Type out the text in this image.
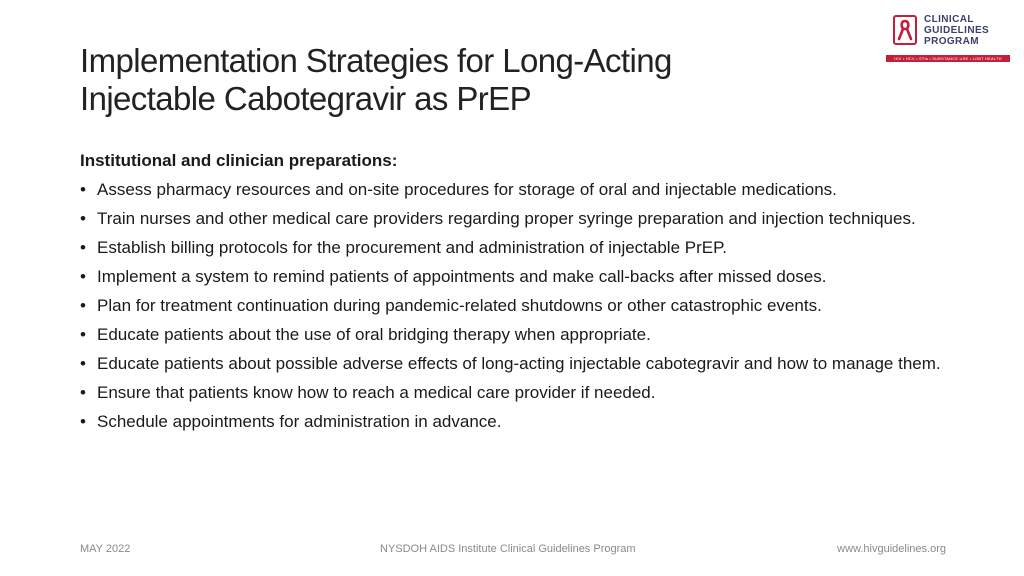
Implementation Strategies for Long-Acting
Injectable Cabotegravir as PrEP
CLINICAL
GUIDELINES
PROGRAM
HIV • HCV • STIs • SUBSTANCE USE • LGBT HEALTH
Institutional and clinician preparations:
• Assess pharmacy resources and on-site procedures for storage of oral and injectable medications.
• Train nurses and other medical care providers regarding proper syringe preparation and injection techniques.
• Establish billing protocols for the procurement and administration of injectable PrEP.
• Implement a system to remind patients of appointments and make call-backs after missed doses.
• Plan for treatment continuation during pandemic-related shutdowns or other catastrophic events.
• Educate patients about the use of oral bridging therapy when appropriate.
• Educate patients about possible adverse effects of long-acting injectable cabotegravir and how to manage them.
• Ensure that patients know how to reach a medical care provider if needed.
• Schedule appointments for administration in advance.
MAY 2022	NYSDOH AIDS Institute Clinical Guidelines Program	www.hivguidelines.org
